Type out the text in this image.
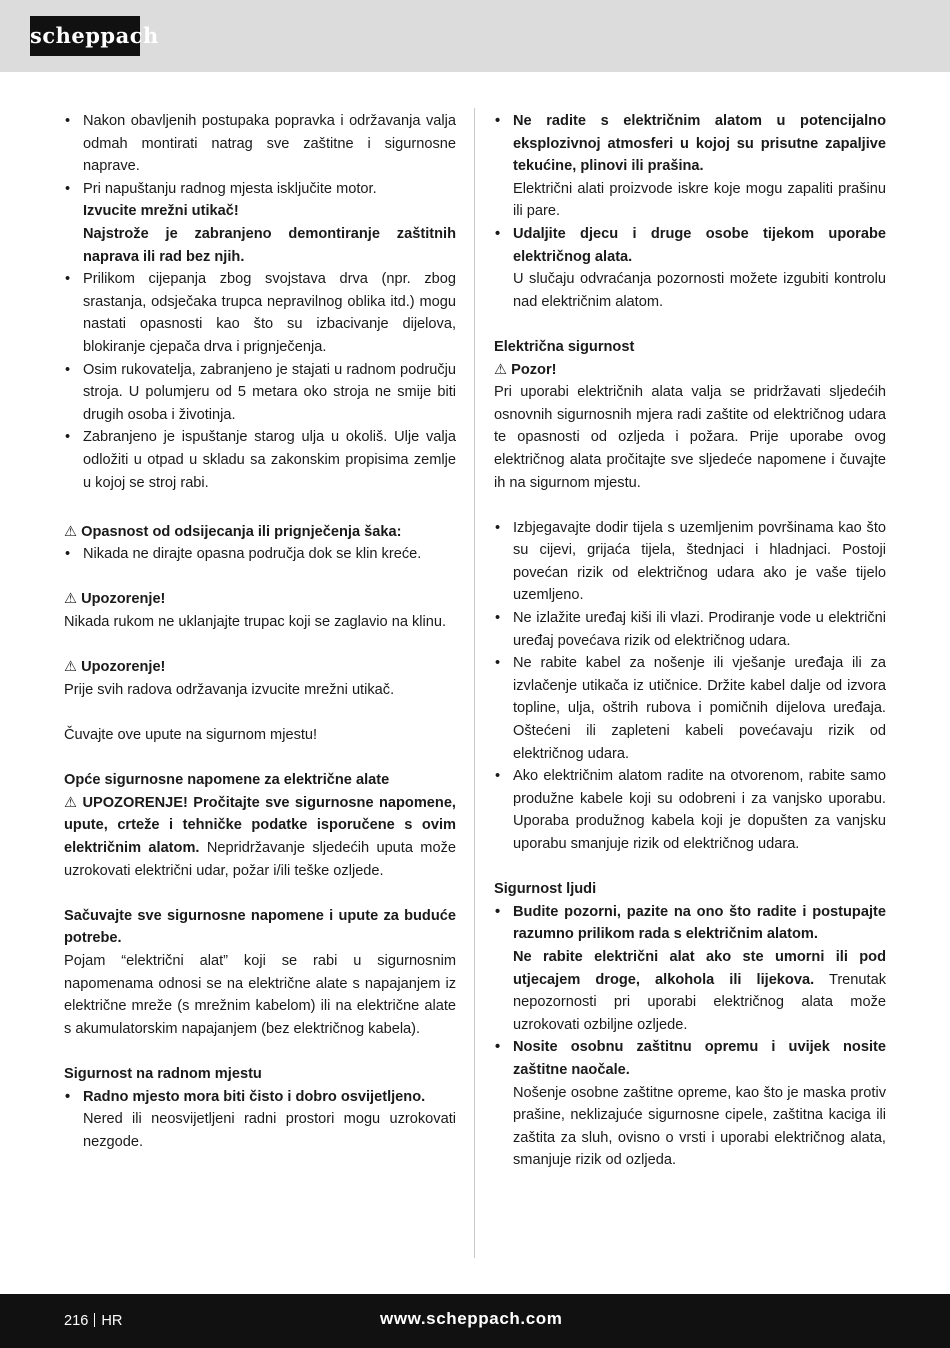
scheppach
• Nakon obavljenih postupaka popravka i održavanja valja odmah montirati natrag sve zaštitne i sigurnosne naprave.
• Pri napuštanju radnog mjesta isključite motor.
Izvucite mrežni utikač!
Najstrože je zabranjeno demontiranje zaštitnih naprava ili rad bez njih.
• Prilikom cijepanja zbog svojstava drva (npr. zbog srastanja, odsječaka trupca nepravilnog oblika itd.) mogu nastati opasnosti kao što su izbacivanje dijelova, blokiranje cjepača drva i prignječenja.
• Osim rukovatelja, zabranjeno je stajati u radnom području stroja. U polumjeru od 5 metara oko stroja ne smije biti drugih osoba i životinja.
• Zabranjeno je ispuštanje starog ulja u okoliš. Ulje valja odložiti u otpad u skladu sa zakonskim propisima zemlje u kojoj se stroj rabi.

⚠ Opasnost od odsijecanja ili prignječenja šaka:

• Nikada ne dirajte opasna područja dok se klin kreće.

⚠ Upozorenje!

Nikada rukom ne uklanjajte trupac koji se zaglavio na klinu.

⚠ Upozorenje!

Prije svih radova održavanja izvucite mrežni utikač.

Čuvajte ove upute na sigurnom mjestu!

Opće sigurnosne napomene za električne alate

⚠ UPOZORENJE! Pročitajte sve sigurnosne napomene, upute, crteže i tehničke podatke isporučene s ovim električnim alatom. Nepridržavanje sljedećih uputa može uzrokovati električni udar, požar i/ili teške ozljede.

Sačuvajte sve sigurnosne napomene i upute za buduće potrebe.

Pojam “električni alat” koji se rabi u sigurnosnim napomenama odnosi se na električne alate s napajanjem iz električne mreže (s mrežnim kabelom) ili na električne alate s akumulatorskim napajanjem (bez električnog kabela).

Sigurnost na radnom mjestu

• Radno mjesto mora biti čisto i dobro osvijetljeno.
Nered ili neosvijetljeni radni prostori mogu uzrokovati nezgode.
• Ne radite s električnim alatom u potencijalno eksplozivnoj atmosferi u kojoj su prisutne zapaljive tekućine, plinovi ili prašina.
Električni alati proizvode iskre koje mogu zapaliti prašinu ili pare.
• Udaljite djecu i druge osobe tijekom uporabe električnog alata.
U slučaju odvraćanja pozornosti možete izgubiti kontrolu nad električnim alatom.

Električna sigurnost

⚠ Pozor!

Pri uporabi električnih alata valja se pridržavati sljedećih osnovnih sigurnosnih mjera radi zaštite od električnog udara te opasnosti od ozljeda i požara. Prije uporabe ovog električnog alata pročitajte sve sljedeće napomene i čuvajte ih na sigurnom mjestu.

• Izbjegavajte dodir tijela s uzemljenim površinama kao što su cijevi, grijaća tijela, štednjaci i hladnjaci. Postoji povećan rizik od električnog udara ako je vaše tijelo uzemljeno.
• Ne izlažite uređaj kiši ili vlazi. Prodiranje vode u električni uređaj povećava rizik od električnog udara.
• Ne rabite kabel za nošenje ili vješanje uređaja ili za izvlačenje utikača iz utičnice. Držite kabel dalje od izvora topline, ulja, oštrih rubova i pomičnih dijelova uređaja. Oštećeni ili zapleteni kabeli povećavaju rizik od električnog udara.
• Ako električnim alatom radite na otvorenom, rabite samo produžne kabele koji su odobreni i za vanjsko uporabu. Uporaba produžnog kabela koji je dopušten za vanjsku uporabu smanjuje rizik od električnog udara.

Sigurnost ljudi

• Budite pozorni, pazite na ono što radite i postupajte razumno prilikom rada s električnim alatom.
Ne rabite električni alat ako ste umorni ili pod utjecajem droge, alkohola ili lijekova. Trenutak nepozornosti pri uporabi električnog alata može uzrokovati ozbiljne ozljede.
• Nosite osobnu zaštitnu opremu i uvijek nosite zaštitne naočale.
Nošenje osobne zaštitne opreme, kao što je maska protiv prašine, neklizajuće sigurnosne cipele, zaštitna kaciga ili zaštita za sluh, ovisno o vrsti i uporabi električnog alata, smanjuje rizik od ozljeda.
216 HR	www.scheppach.com
